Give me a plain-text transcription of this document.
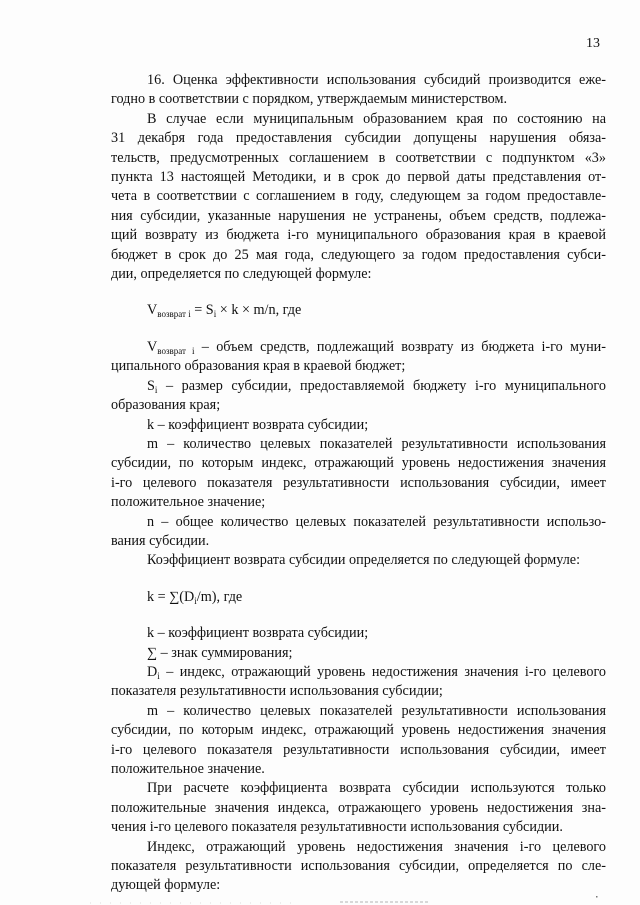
13

16. Оценка эффективности использования субсидий производится еже-
годно в соответствии с порядком, утверждаемым министерством.

В случае если муниципальным образованием края по состоянию на
31 декабря года предоставления субсидии допущены нарушения обяза-
тельств, предусмотренных соглашением в соответствии с подпунктом «3»
пункта 13 настоящей Методики, и в срок до первой даты представления от-
чета в соответствии с соглашением в году, следующем за годом предоставле-
ния субсидии, указанные нарушения не устранены, объем средств, подлежа-
щий возврату из бюджета i-го муниципального образования края в краевой
бюджет в срок до 25 мая года, следующего за годом предоставления субси-
дии, определяется по следующей формуле:

$V_{возврат i} = S_i \times k \times m/n$, где

$V_{возврат i}$ – объем средств, подлежащий возврату из бюджета i-го муни-
ципального образования края в краевой бюджет;

$S_i$ – размер субсидии, предоставляемой бюджету i-го муниципального
образования края;

k – коэффициент возврата субсидии;

m – количество целевых показателей результативности использования
субсидии, по которым индекс, отражающий уровень недостижения значения
i-го целевого показателя результативности использования субсидии, имеет
положительное значение;

n – общее количество целевых показателей результативности использо-
вания субсидии.

Коэффициент возврата субсидии определяется по следующей формуле:

$k = \sum(D_i/m)$, где

k – коэффициент возврата субсидии;

∑ – знак суммирования;

$D_i$ – индекс, отражающий уровень недостижения значения i-го целевого
показателя результативности использования субсидии;

m – количество целевых показателей результативности использования
субсидии, по которым индекс, отражающий уровень недостижения значения
i-го целевого показателя результативности использования субсидии, имеет
положительное значение.

При расчете коэффициента возврата субсидии используются только
положительные значения индекса, отражающего уровень недостижения зна-
чения i-го целевого показателя результативности использования субсидии.

Индекс, отражающий уровень недостижения значения i-го целевого
показателя результативности использования субсидии, определяется по сле-
дующей формуле:
